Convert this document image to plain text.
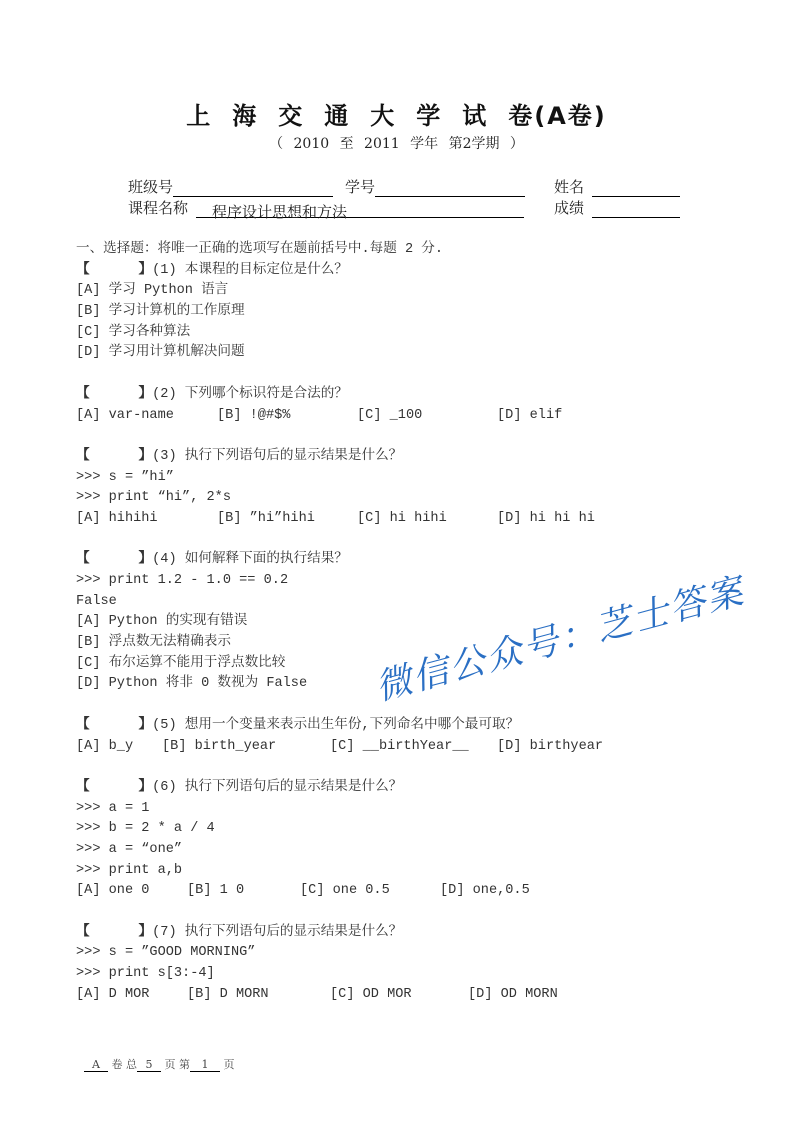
上海交通大学试卷(A卷)
（ 2010 至 2011 学年 第2学期 ）
班级号	学号	姓名
课程名称 程序设计思想和方法	成绩
一、选择题：将唯一正确的选项写在题前括号中.每题 2 分.
【      】(1) 本课程的目标定位是什么？
[A] 学习 Python 语言
[B] 学习计算机的工作原理
[C] 学习各种算法
[D] 学习用计算机解决问题
【      】(2) 下列哪个标识符是合法的？
[A] var-name	[B] !@#$%	[C] _100	[D] elif
【      】(3) 执行下列语句后的显示结果是什么？
>>> s = ”hi”
>>> print “hi”, 2*s
[A] hihihi	[B] ”hi”hihi	[C] hi hihi	[D] hi hi hi
【      】(4) 如何解释下面的执行结果？
>>> print 1.2 - 1.0 == 0.2
False
[A] Python 的实现有错误
[B] 浮点数无法精确表示
[C] 布尔运算不能用于浮点数比较
[D] Python 将非 0 数视为 False
【      】(5) 想用一个变量来表示出生年份,下列命名中哪个最可取？
[A] b_y [B] birth_year	[C] __birthYear__ [D] birthyear
【      】(6) 执行下列语句后的显示结果是什么？
>>> a = 1
>>> b = 2 * a / 4
>>> a = “one”
>>> print a,b
[A] one 0	[B] 1 0	[C] one 0.5	[D] one,0.5
【      】(7) 执行下列语句后的显示结果是什么？
>>> s = ”GOOD MORNING”
>>> print s[3:-4]
[A] D MOR	[B] D MORN	[C] OD MOR	[D] OD MORN
A 卷 总 5 页 第 1 页
微信公众号：芝士答案
